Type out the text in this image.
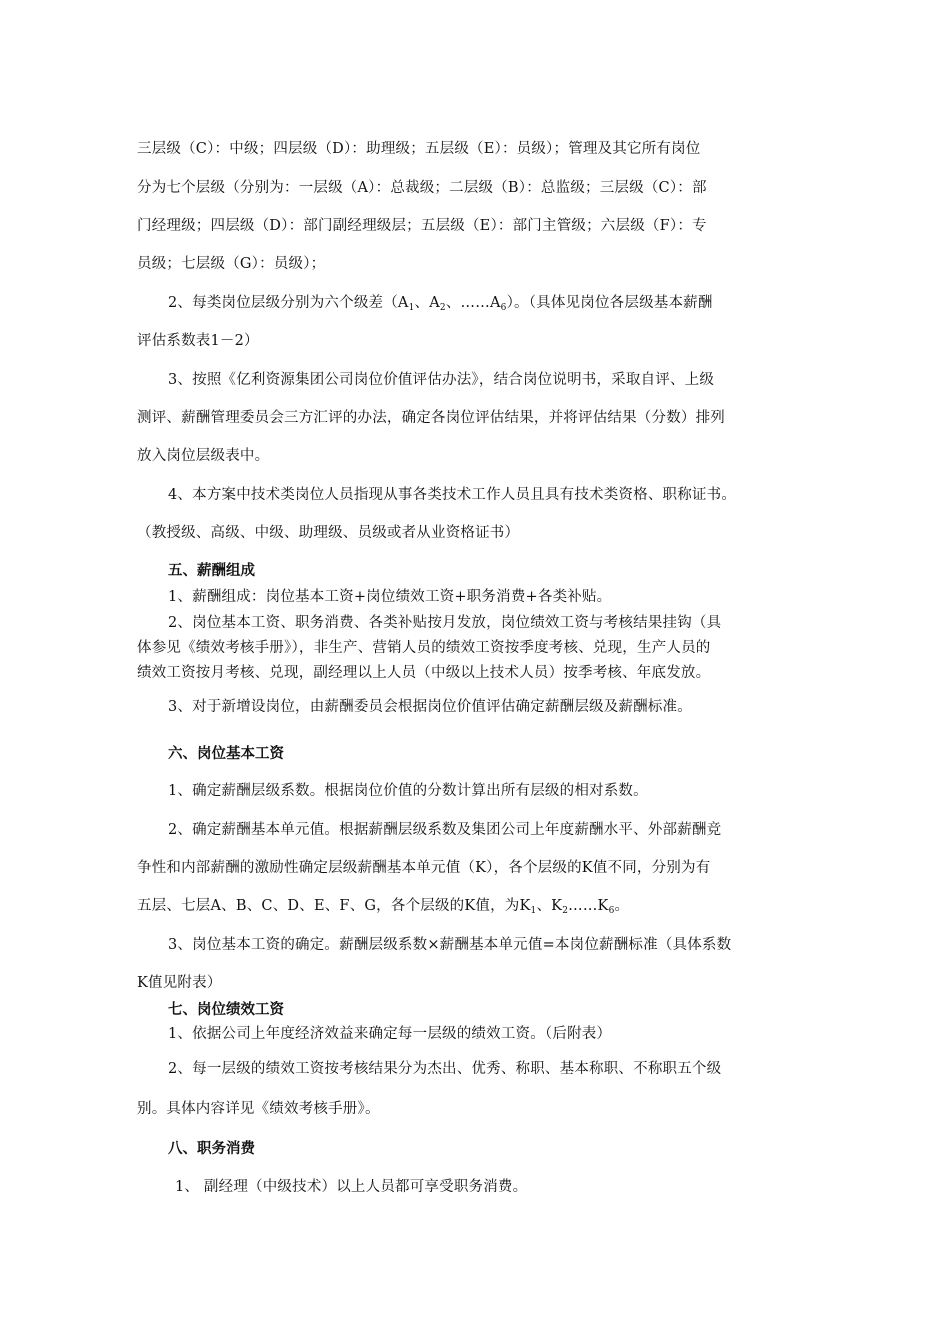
三层级（C）：中级；四层级（D）：助理级；五层级（E）：员级）；管理及其它所有岗位
分为七个层级（分别为：一层级（A）：总裁级；二层级（B）：总监级；三层级（C）：部
门经理级；四层级（D）：部门副经理级层；五层级（E）：部门主管级；六层级（F）：专
员级；七层级（G）：员级）；
2、每类岗位层级分别为六个级差（$A_1$、$A_2$、$\dots\dots A_6$）。（具体见岗位各层级基本薪酬
评估系数表1－2）
3、按照《亿利资源集团公司岗位价值评估办法》，结合岗位说明书，采取自评、上级
测评、薪酬管理委员会三方汇评的办法，确定各岗位评估结果，并将评估结果（分数）排列
放入岗位层级表中。
4、本方案中技术类岗位人员指现从事各类技术工作人员且具有技术类资格、职称证书。
（教授级、高级、中级、助理级、员级或者从业资格证书）
五、薪酬组成
1、薪酬组成：岗位基本工资+岗位绩效工资+职务消费+各类补贴。
2、岗位基本工资、职务消费、各类补贴按月发放，岗位绩效工资与考核结果挂钩（具
体参见《绩效考核手册》），非生产、营销人员的绩效工资按季度考核、兑现，生产人员的
绩效工资按月考核、兑现，副经理以上人员（中级以上技术人员）按季考核、年底发放。
3、对于新增设岗位，由薪酬委员会根据岗位价值评估确定薪酬层级及薪酬标准。
六、岗位基本工资
1、确定薪酬层级系数。根据岗位价值的分数计算出所有层级的相对系数。
2、确定薪酬基本单元值。根据薪酬层级系数及集团公司上年度薪酬水平、外部薪酬竞
争性和内部薪酬的激励性确定层级薪酬基本单元值（K），各个层级的K值不同，分别为有
五层、七层A、B、C、D、E、F、G，各个层级的K值，为$K_1$、$K_2\dots\dots K_6$。
3、岗位基本工资的确定。薪酬层级系数×薪酬基本单元值=本岗位薪酬标准（具体系数
K值见附表）
七、岗位绩效工资
1、依据公司上年度经济效益来确定每一层级的绩效工资。（后附表）
2、每一层级的绩效工资按考核结果分为杰出、优秀、称职、基本称职、不称职五个级
别。具体内容详见《绩效考核手册》。
八、职务消费
1、 副经理（中级技术）以上人员都可享受职务消费。
